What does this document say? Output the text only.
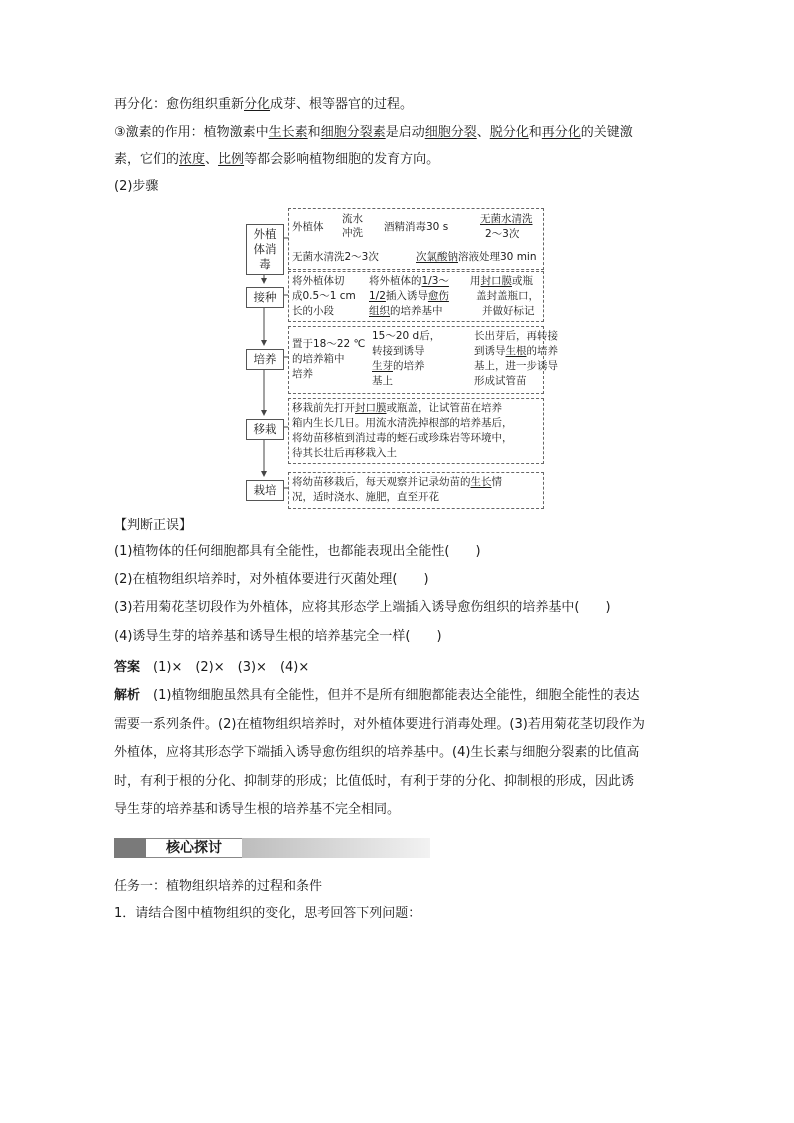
再分化：愈伤组织重新分化成芽、根等器官的过程。
③激素的作用：植物激素中生长素和细胞分裂素是启动细胞分裂、脱分化和再分化的关键激
素，它们的浓度、比例等都会影响植物细胞的发育方向。
(2)步骤
外植体消毒
接种
培养
移栽
栽培
外植体
流水冲洗 酒精消毒30 s
无菌水清洗
2～3次
无菌水清洗2～3次	次氯酸钠溶液处理30 min
将外植体切
成0.5～1 cm
长的小段
将外植体的1/3～
1/2插入诱导愈伤
组织的培养基中
用封口膜或瓶
盖封盖瓶口，
并做好标记
置于18～22 ℃
的培养箱中
培养
15～20 d后，
转接到诱导
生芽的培养
基上
长出芽后，再转接
到诱导生根的培养
基上，进一步诱导
形成试管苗
移栽前先打开封口膜或瓶盖，让试管苗在培养
箱内生长几日。用流水清洗掉根部的培养基后，
将幼苗移植到消过毒的蛭石或珍珠岩等环境中，
待其长壮后再移栽入土
将幼苗移栽后，每天观察并记录幼苗的生长情
况，适时浇水、施肥，直至开花
【判断正误】
(1)植物体的任何细胞都具有全能性，也都能表现出全能性(　　)
(2)在植物组织培养时，对外植体要进行灭菌处理(　　)
(3)若用菊花茎切段作为外植体，应将其形态学上端插入诱导愈伤组织的培养基中(　　)
(4)诱导生芽的培养基和诱导生根的培养基完全一样(　　)
答案　 (1)×　(2)×　(3)×　(4)×
解析　 (1)植物细胞虽然具有全能性，但并不是所有细胞都能表达全能性，细胞全能性的表达
需要一系列条件。(2)在植物组织培养时，对外植体要进行消毒处理。(3)若用菊花茎切段作为
外植体，应将其形态学下端插入诱导愈伤组织的培养基中。(4)生长素与细胞分裂素的比值高
时，有利于根的分化、抑制芽的形成；比值低时，有利于芽的分化、抑制根的形成，因此诱
导生芽的培养基和诱导生根的培养基不完全相同。
核心探讨
任务一：植物组织培养的过程和条件
1．请结合图中植物组织的变化，思考回答下列问题：
